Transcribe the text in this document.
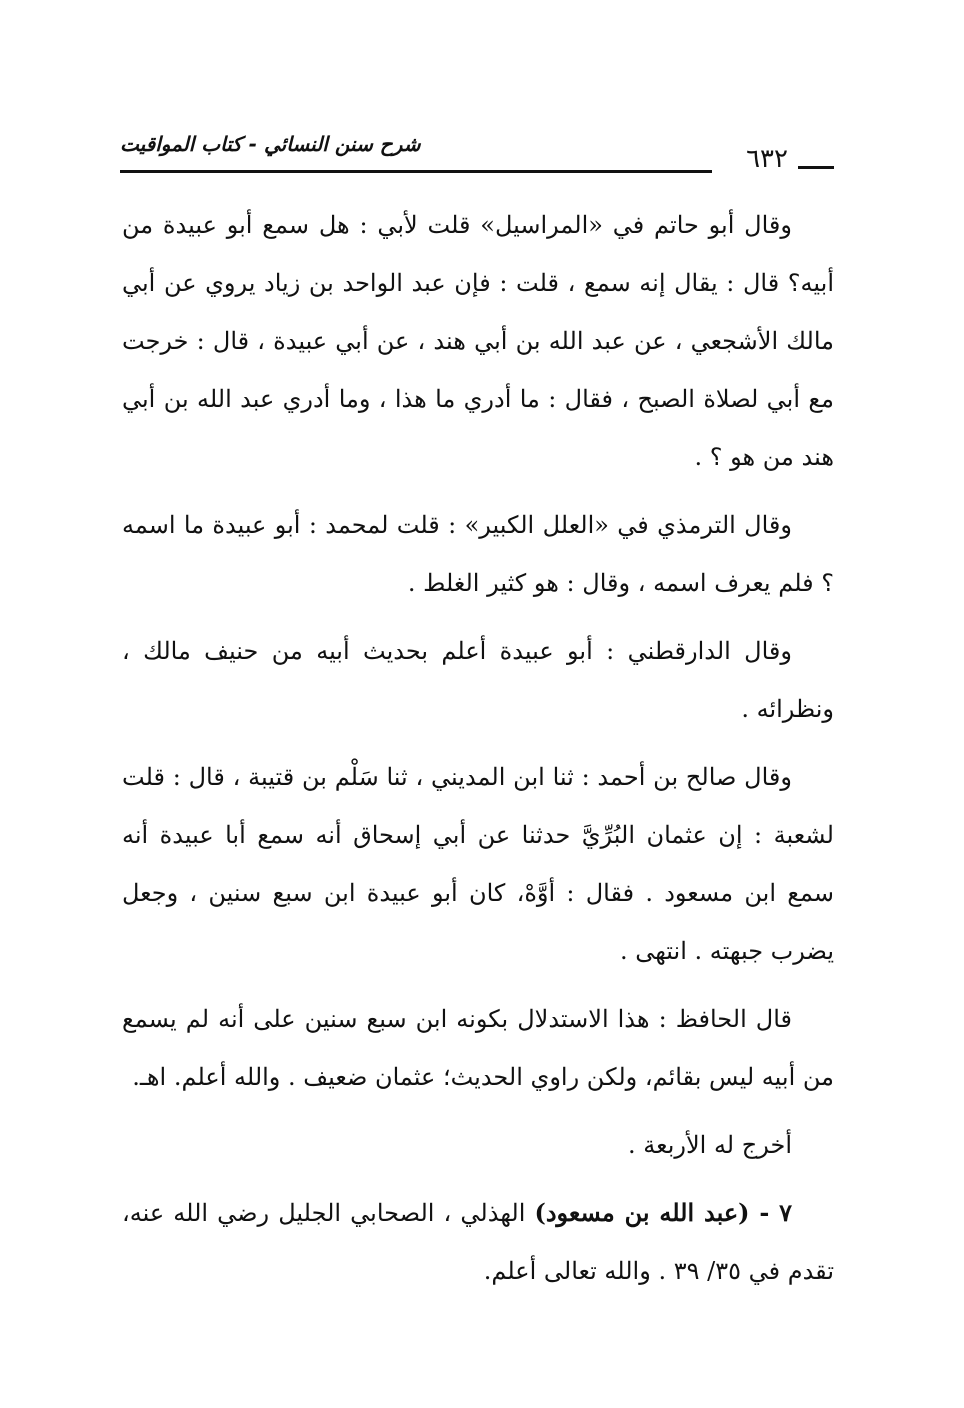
٦٣٢
شرح سنن النسائي - كتاب المواقيت

وقال أبو حاتم في «المراسيل» قلت لأبي : هل سمع أبو عبيدة من أبيه؟ قال : يقال إنه سمع ، قلت : فإن عبد الواحد بن زياد يروي عن أبي مالك الأشجعي ، عن عبد الله بن أبي هند ، عن أبي عبيدة ، قال : خرجت مع أبي لصلاة الصبح ، فقال : ما أدري ما هذا ، وما أدري عبد الله بن أبي هند من هو ؟ .

وقال الترمذي في «العلل الكبير» : قلت لمحمد : أبو عبيدة ما اسمه ؟ فلم يعرف اسمه ، وقال : هو كثير الغلط .

وقال الدارقطني : أبو عبيدة أعلم بحديث أبيه من حنيف مالك ، ونظرائه .

وقال صالح بن أحمد : ثنا ابن المديني ، ثنا سَلْم بن قتيبة ، قال : قلت لشعبة : إن عثمان البُرِّيَّ حدثنا عن أبي إسحاق أنه سمع أبا عبيدة أنه سمع ابن مسعود . فقال : أوَّهْ، كان أبو عبيدة ابن سبع سنين ، وجعل يضرب جبهته . انتهى .

قال الحافظ : هذا الاستدلال بكونه ابن سبع سنين على أنه لم يسمع من أبيه ليس بقائم، ولكن راوي الحديث؛ عثمان ضعيف . والله أعلم. اهـ.

أخرج له الأربعة .

٧ - (عبد الله بن مسعود) الهذلي ، الصحابي الجليل رضي الله عنه، تقدم في ٣٥/ ٣٩ . والله تعالى أعلم.
